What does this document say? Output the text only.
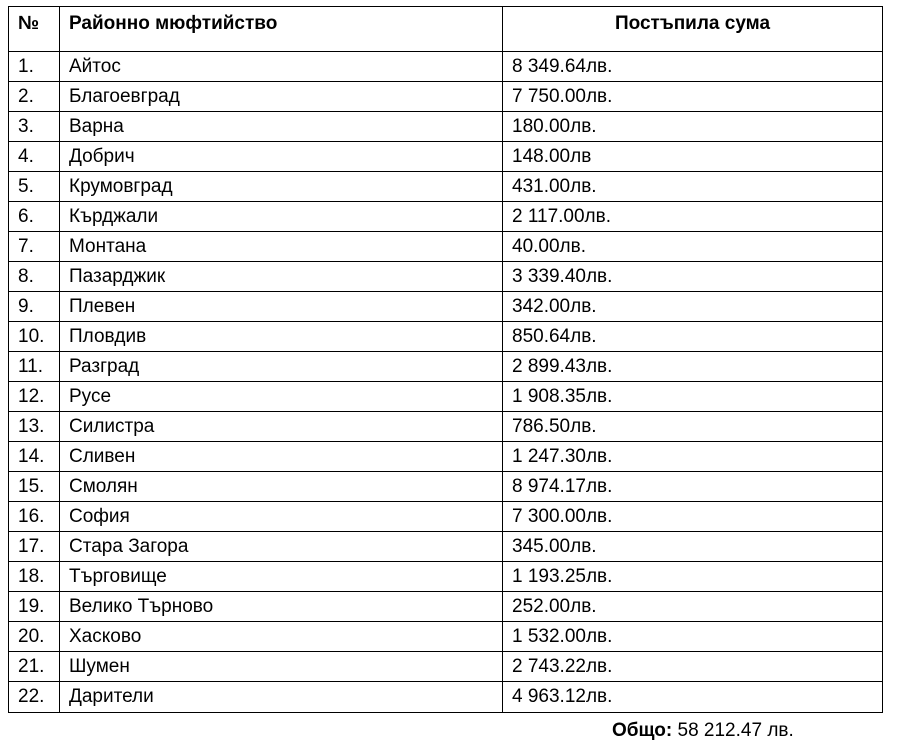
№	Районно мюфтийство	Постъпила сума
1.	Айтос	8 349.64лв.
2.	Благоевград	7 750.00лв.
3.	Варна	180.00лв.
4.	Добрич	148.00лв
5.	Крумовград	431.00лв.
6.	Кърджали	2 117.00лв.
7.	Монтана	40.00лв.
8.	Пазарджик	3 339.40лв.
9.	Плевен	342.00лв.
10.	Пловдив	850.64лв.
11.	Разград	2 899.43лв.
12.	Русе	1 908.35лв.
13.	Силистра	786.50лв.
14.	Сливен	1 247.30лв.
15.	Смолян	8 974.17лв.
16.	София	7 300.00лв.
17.	Стара Загора	345.00лв.
18.	Търговище	1 193.25лв.
19.	Велико Търново	252.00лв.
20.	Хасково	1 532.00лв.
21.	Шумен	2 743.22лв.
22.	Дарители	4 963.12лв.
Общо: 58 212.47 лв.
